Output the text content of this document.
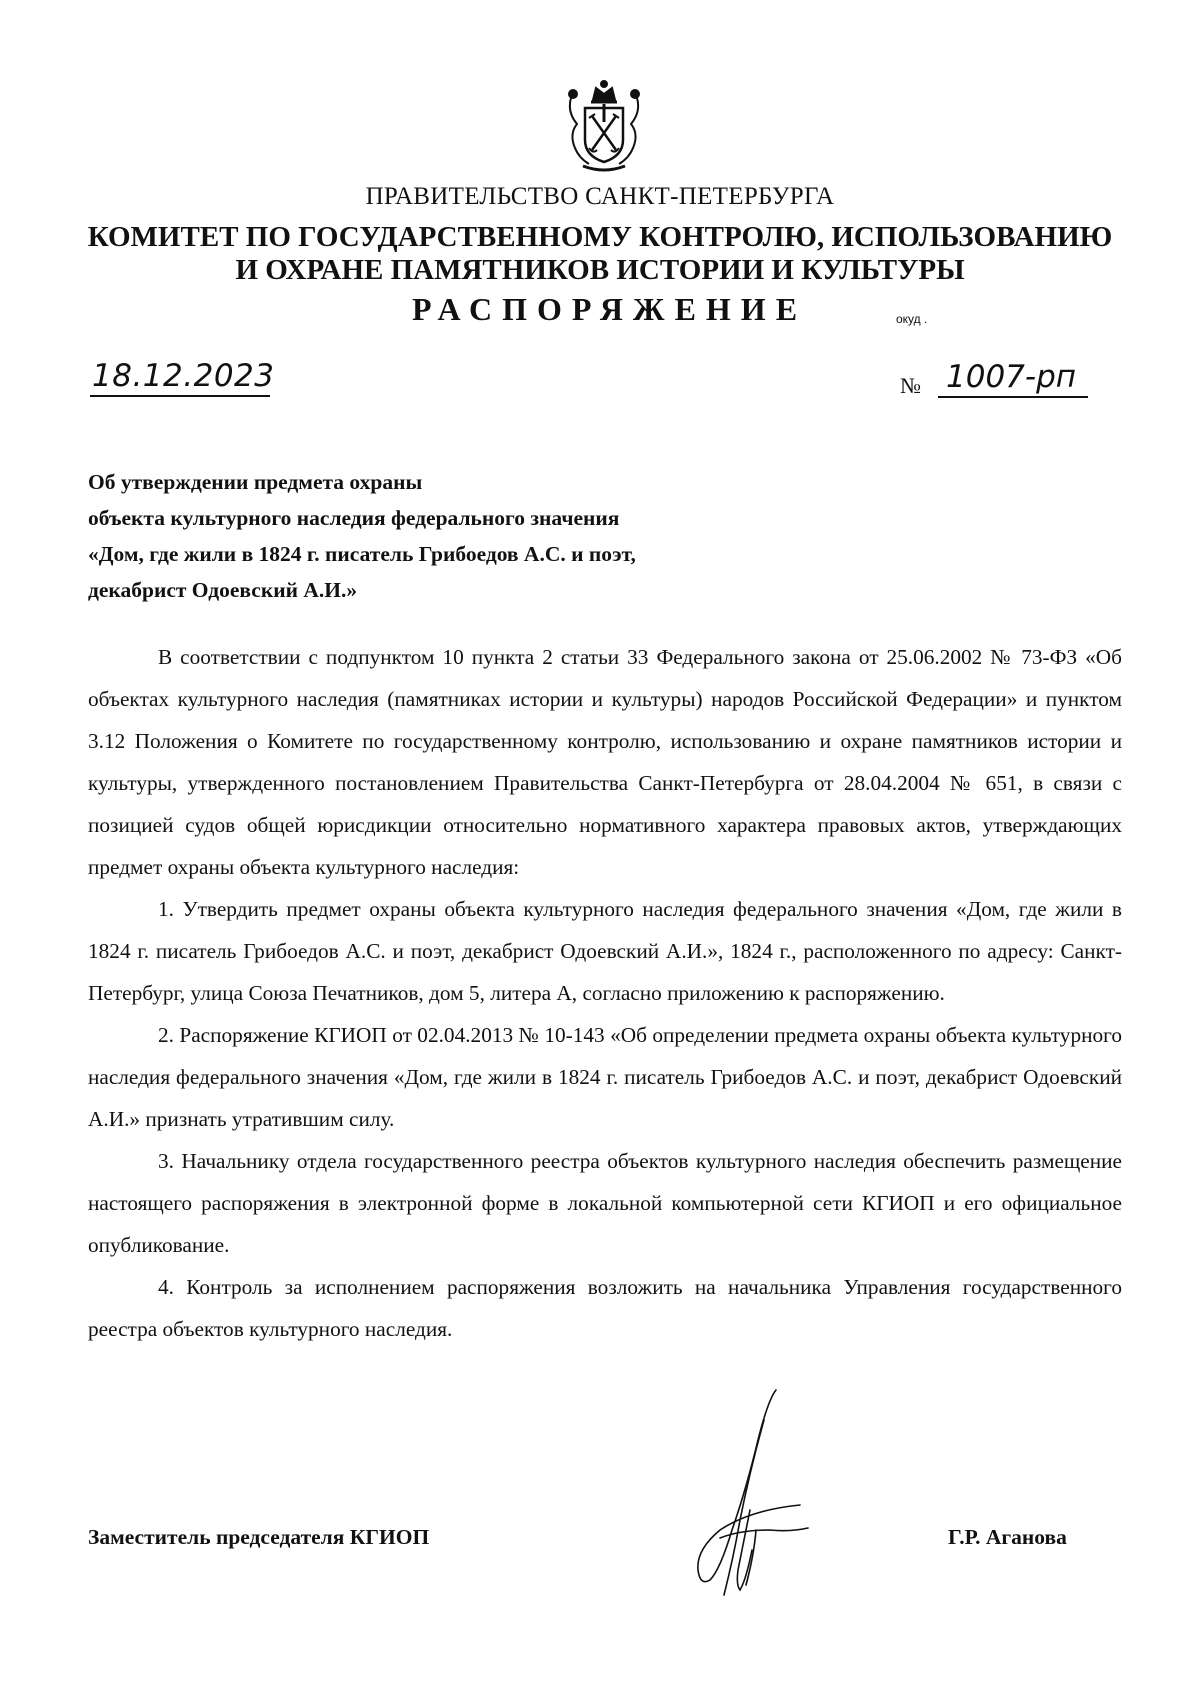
ПРАВИТЕЛЬСТВО САНКТ-ПЕТЕРБУРГА
КОМИТЕТ ПО ГОСУДАРСТВЕННОМУ КОНТРОЛЮ, ИСПОЛЬЗОВАНИЮ
И ОХРАНЕ ПАМЯТНИКОВ ИСТОРИИ И КУЛЬТУРЫ
РАСПОРЯЖЕНИЕ	окуд .
18.12.2023	№ 1007-рп
Об утверждении предмета охраны
объекта культурного наследия федерального значения
«Дом, где жили в 1824 г. писатель Грибоедов А.С. и поэт,
декабрист Одоевский А.И.»

В соответствии с подпунктом 10 пункта 2 статьи 33 Федерального закона от 25.06.2002 № 73-ФЗ «Об объектах культурного наследия (памятниках истории и культуры) народов Российской Федерации» и пунктом 3.12 Положения о Комитете по государственному контролю, использованию и охране памятников истории и культуры, утвержденного постановлением Правительства Санкт-Петербурга от 28.04.2004 № 651, в связи с позицией судов общей юрисдикции относительно нормативного характера правовых актов, утверждающих предмет охраны объекта культурного наследия:

1. Утвердить предмет охраны объекта культурного наследия федерального значения «Дом, где жили в 1824 г. писатель Грибоедов А.С. и поэт, декабрист Одоевский А.И.», 1824 г., расположенного по адресу: Санкт-Петербург, улица Союза Печатников, дом 5, литера А, согласно приложению к распоряжению.

2. Распоряжение КГИОП от 02.04.2013 № 10-143 «Об определении предмета охраны объекта культурного наследия федерального значения «Дом, где жили в 1824 г. писатель Грибоедов А.С. и поэт, декабрист Одоевский А.И.» признать утратившим силу.

3. Начальнику отдела государственного реестра объектов культурного наследия обеспечить размещение настоящего распоряжения в электронной форме в локальной компьютерной сети КГИОП и его официальное опубликование.

4. Контроль за исполнением распоряжения возложить на начальника Управления государственного реестра объектов культурного наследия.

Заместитель председателя КГИОП	Г.Р. Аганова
